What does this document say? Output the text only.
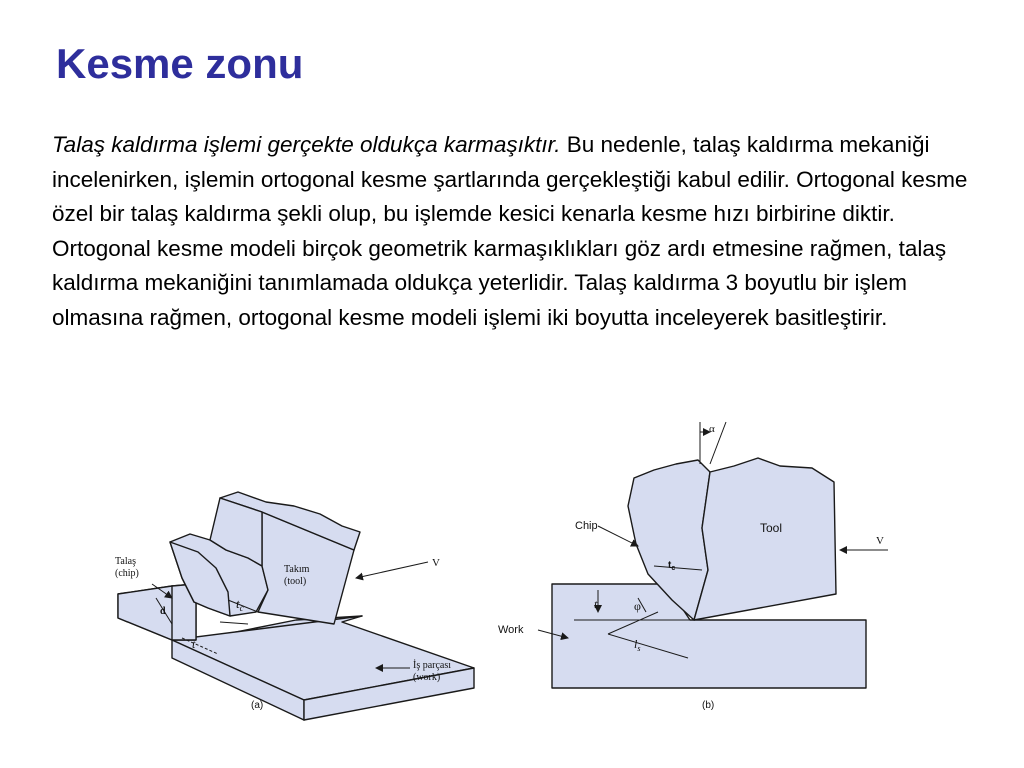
Kesme zonu

Talaş kaldırma işlemi gerçekte oldukça karmaşıktır. Bu nedenle, talaş kaldırma mekaniği incelenirken, işlemin ortogonal kesme şartlarında gerçekleştiği kabul edilir. Ortogonal kesme özel bir talaş kaldırma şekli olup, bu işlemde kesici kenarla kesme hızı birbirine diktir. Ortogonal kesme modeli birçok geometrik karmaşıklıkları göz ardı etmesine rağmen, talaş kaldırma mekaniğini tanımlamada oldukça yeterlidir. Talaş kaldırma 3 boyutlu bir işlem olmasına rağmen, ortogonal kesme modeli işlemi iki boyutta inceleyerek basitleştirir.

Talaş
(chip)	Takım
(tool)
V
d
t
$t_c$
İş parçası
(work)
(a)
α
Chip	Tool
V
$t_c$
t	φ
Work
$l_s$
(b)
